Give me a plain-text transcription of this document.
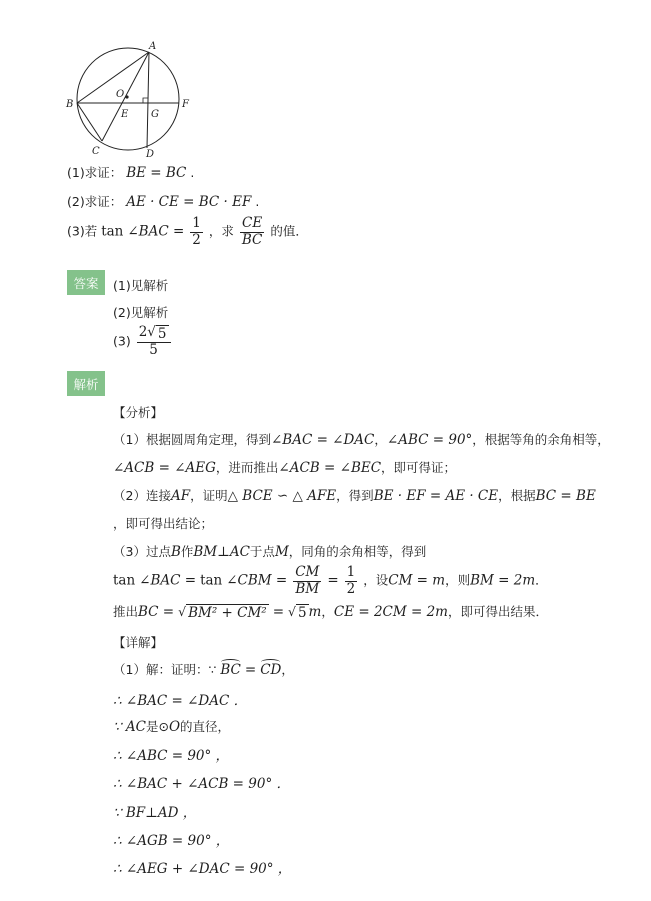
A
B
C	D
E
F
G
O
(1)求证： BE = BC .
(2)求证： AE · CE = BC · EF .
(3)若 tan ∠BAC = $\frac{1}{2}$ ，求 $\frac{CE}{BC}$ 的值．
答案	(1)见解析
(2)见解析
$(3) \frac{2√ 5}{5}$
解析
【分析】
（1）根据圆周角定理，得到∠BAC = ∠DAC，∠ABC = 90°，根据等角的余角相等，
∠ACB = ∠AEG，进而推出∠ACB = ∠BEC，即可得证；
（2）连接AF，证明△ BCE ∽ △ AFE，得到BE · EF = AE · CE，根据BC = BE
，即可得出结论；
（3）过点B作BM⊥AC于点M，同角的余角相等，得到
tan ∠BAC = tan ∠CBM = $\frac{CM}{BM} = \frac{1}{2}$ ，设CM = m，则BM = 2m．
推出BC = √ BM² + CM² = √ 5 m，CE = 2CM = 2m，即可得出结果．
【详解】
（1）解：证明：∵ BC = CD，
∴ ∠BAC = ∠DAC ．
∵ AC是⊙O的直径，
∴ ∠ABC = 90° ，
∴ ∠BAC + ∠ACB = 90° ．
∵ BF⊥AD ，
∴ ∠AGB = 90° ，
∴ ∠AEG + ∠DAC = 90° ，
